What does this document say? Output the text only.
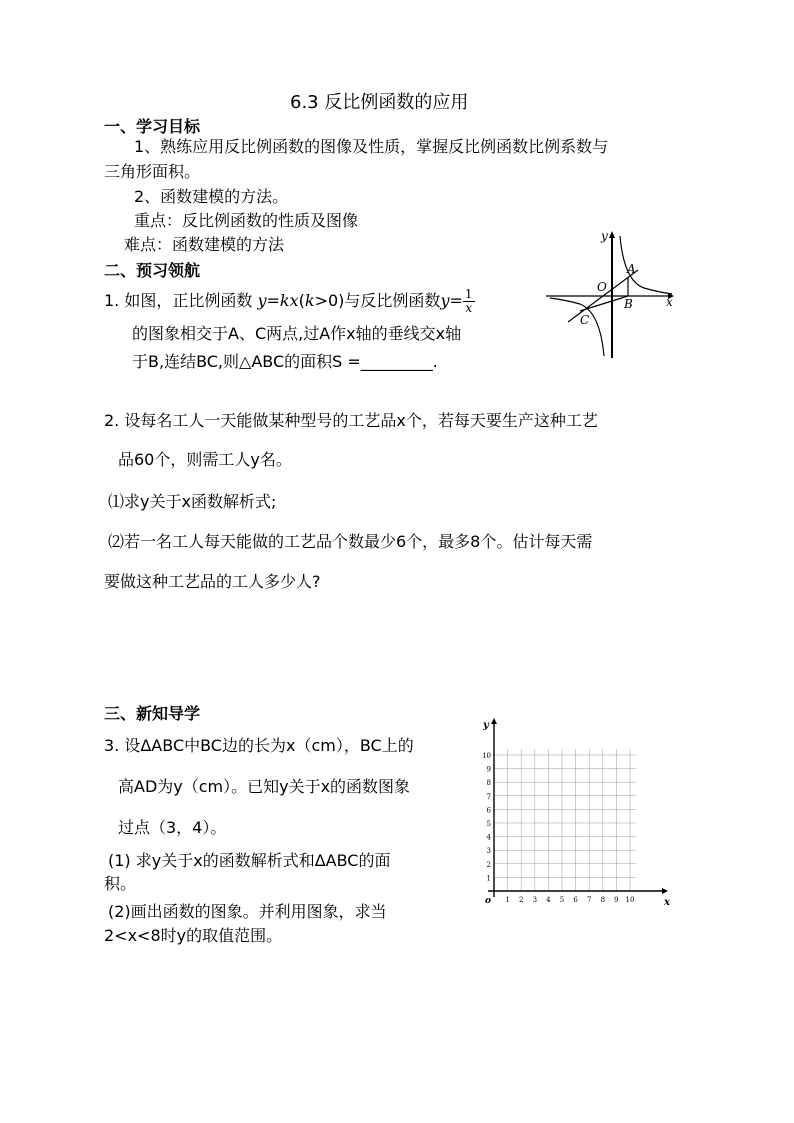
6.3 反比例函数的应用
一、学习目标
1、熟练应用反比例函数的图像及性质，掌握反比例函数比例系数与
三角形面积。
2、函数建模的方法。
重点：反比例函数的性质及图像
难点：函数建模的方法
二、预习领航
1. 如图，正比例函数 y=kx(k>0)与反比例函数$y= \frac{1}{x}$
的图象相交于A、C两点,过A作x轴的垂线交x轴
于B,连结BC,则△ABC的面积S =_________.
y
x
O
A
B
C
2. 设每名工人一天能做某种型号的工艺品x个，若每天要生产这种工艺
品60个，则需工人y名。
⑴求y关于x函数解析式;
⑵若一名工人每天能做的工艺品个数最少6个，最多8个。估计每天需
要做这种工艺品的工人多少人?
三、新知导学
3. 设ΔABC中BC边的长为x（cm），BC上的
高AD为y（cm）。已知y关于x的函数图象
过点（3，4）。
(1) 求y关于x的函数解析式和ΔABC的面
积。
(2)画出函数的图象。并利用图象，求当
2<x<8时y的取值范围。
1 2 3 4 5 6 7 8 9 10
1
2
3
4
5
6
7
8
9
10
o	x
y
